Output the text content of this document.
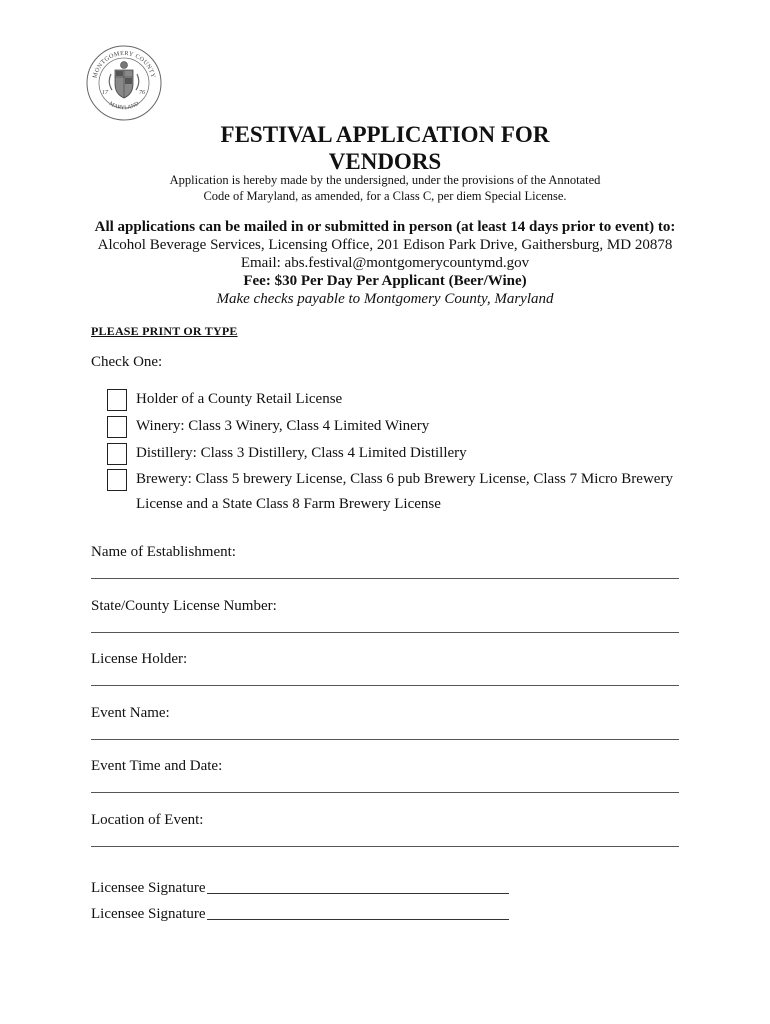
MONTGOMERY COUNTY
MARYLAND
17	76
FESTIVAL APPLICATION FOR
VENDORS
Application is hereby made by the undersigned, under the provisions of the Annotated
Code of Maryland, as amended, for a Class C, per diem Special License.
All applications can be mailed in or submitted in person (at least 14 days prior to event) to:
Alcohol Beverage Services, Licensing Office, 201 Edison Park Drive, Gaithersburg, MD 20878
Email: abs.festival@montgomerycountymd.gov
Fee: $30 Per Day Per Applicant (Beer/Wine)
Make checks payable to Montgomery County, Maryland
PLEASE PRINT OR TYPE
Check One:
Holder of a County Retail License
Winery: Class 3 Winery, Class 4 Limited Winery
Distillery: Class 3 Distillery, Class 4 Limited Distillery
Brewery: Class 5 brewery License, Class 6 pub Brewery License, Class 7 Micro Brewery
License and a State Class 8 Farm Brewery License
Name of Establishment:
State/County License Number:
License Holder:
Event Name:
Event Time and Date:
Location of Event:
Licensee Signature
Licensee Signature
